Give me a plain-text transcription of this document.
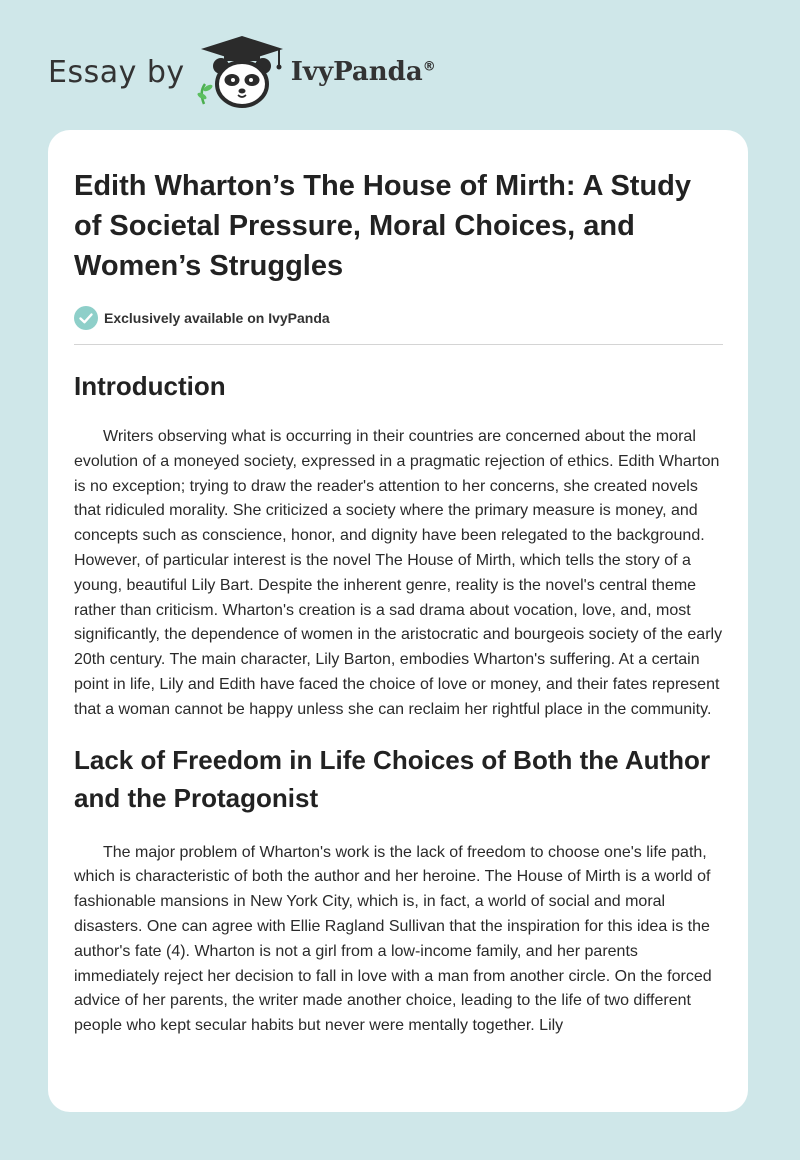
Essay by	IvyPanda®
Edith Wharton’s The House of Mirth: A Study of Societal Pressure, Moral Choices, and Women’s Struggles
Exclusively available on IvyPanda
Introduction

Writers observing what is occurring in their countries are concerned about the moral evolution of a moneyed society, expressed in a pragmatic rejection of ethics. Edith Wharton is no exception; trying to draw the reader's attention to her concerns, she created novels that ridiculed morality. She criticized a society where the primary measure is money, and concepts such as conscience, honor, and dignity have been relegated to the background. However, of particular interest is the novel The House of Mirth, which tells the story of a young, beautiful Lily Bart. Despite the inherent genre, reality is the novel's central theme rather than criticism. Wharton's creation is a sad drama about vocation, love, and, most significantly, the dependence of women in the aristocratic and bourgeois society of the early 20th century. The main character, Lily Barton, embodies Wharton's suffering. At a certain point in life, Lily and Edith have faced the choice of love or money, and their fates represent that a woman cannot be happy unless she can reclaim her rightful place in the community.

Lack of Freedom in Life Choices of Both the Author and the Protagonist

The major problem of Wharton's work is the lack of freedom to choose one's life path, which is characteristic of both the author and her heroine. The House of Mirth is a world of fashionable mansions in New York City, which is, in fact, a world of social and moral disasters. One can agree with Ellie Ragland Sullivan that the inspiration for this idea is the author's fate (4). Wharton is not a girl from a low-income family, and her parents immediately reject her decision to fall in love with a man from another circle. On the forced advice of her parents, the writer made another choice, leading to the life of two different people who kept secular habits but never were mentally together. Lily
